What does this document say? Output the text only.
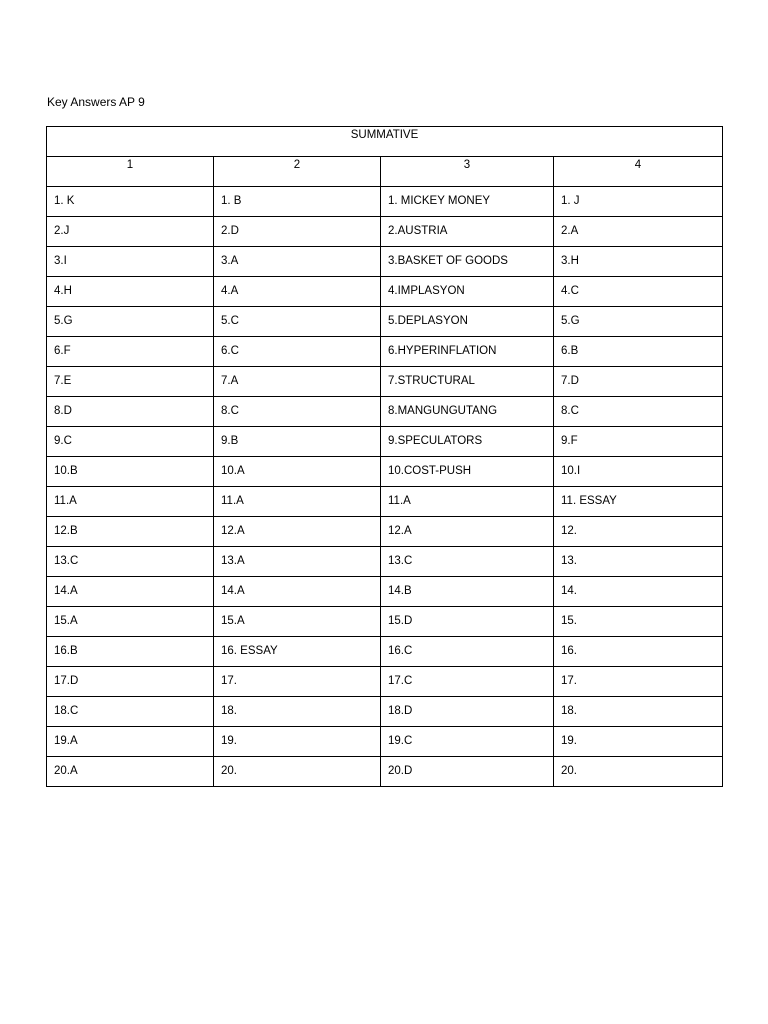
Key Answers AP 9
SUMMATIVE			
1	2	3	4
1. K	1. B	1. MICKEY MONEY	1. J
2.J	2.D	2.AUSTRIA	2.A
3.I	3.A	3.BASKET OF GOODS	3.H
4.H	4.A	4.IMPLASYON	4.C
5.G	5.C	5.DEPLASYON	5.G
6.F	6.C	6.HYPERINFLATION	6.B
7.E	7.A	7.STRUCTURAL	7.D
8.D	8.C	8.MANGUNGUTANG	8.C
9.C	9.B	9.SPECULATORS	9.F
10.B	10.A	10.COST-PUSH	10.I
11.A	11.A	11.A	11. ESSAY
12.B	12.A	12.A	12.
13.C	13.A	13.C	13.
14.A	14.A	14.B	14.
15.A	15.A	15.D	15.
16.B	16. ESSAY	16.C	16.
17.D	17.	17.C	17.
18.C	18.	18.D	18.
19.A	19.	19.C	19.
20.A	20.	20.D	20.
